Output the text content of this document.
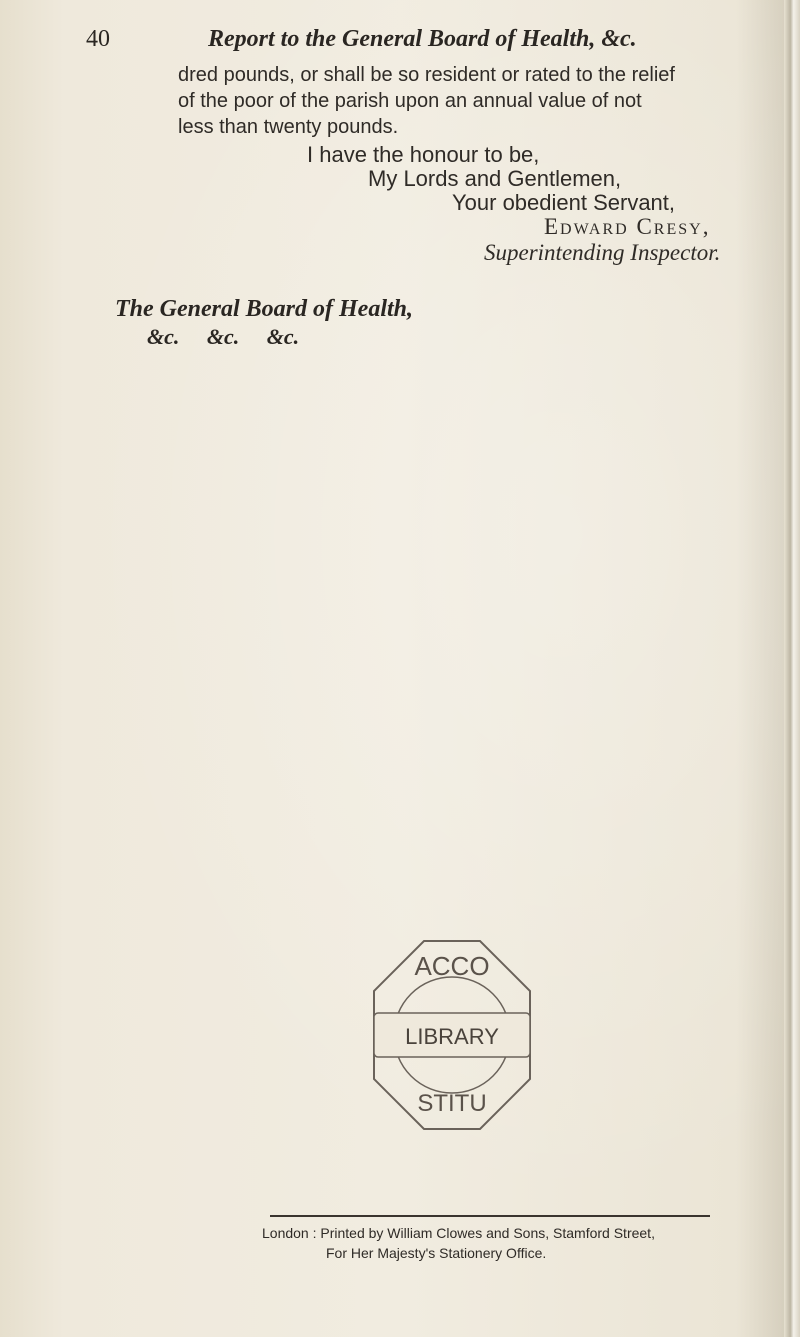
40	Report to the General Board of Health, &c.
dred pounds, or shall be so resident or rated to the relief
of the poor of the parish upon an annual value of not
less than twenty pounds.
I have the honour to be,
My Lords and Gentlemen,
Your obedient Servant,
Edward Cresy,
Superintending Inspector.
The General Board of Health,
&c. &c. &c.
ACCO
LIBRARY
STITU
London : Printed by William Clowes and Sons, Stamford Street,
For Her Majesty's Stationery Office.
